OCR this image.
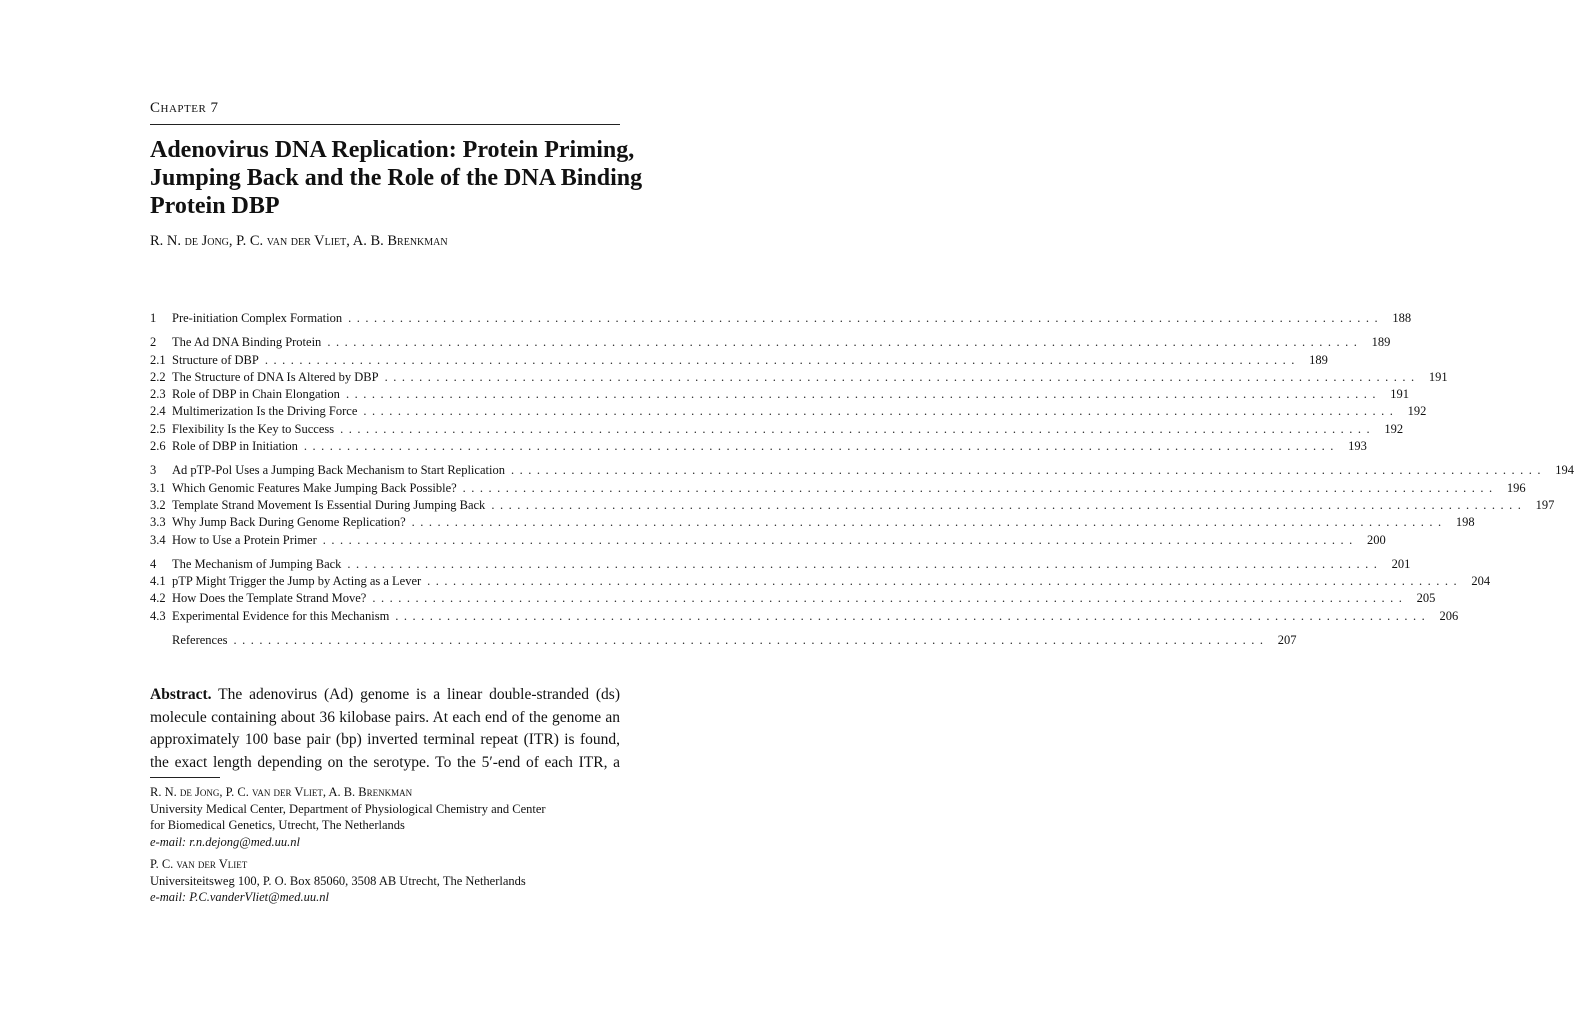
Chapter 7
Adenovirus DNA Replication: Protein Priming,
Jumping Back and the Role of the DNA Binding
Protein DBP
R. N. de Jong, P. C. van der Vliet, A. B. Brenkman
1	Pre-initiation Complex Formation ........................................................................................................................ 188
2	The Ad DNA Binding Protein ........................................................................................................................ 189
2.1 Structure of DBP ........................................................................................................................ 189
2.2 The Structure of DNA Is Altered by DBP ........................................................................................................................ 191
2.3 Role of DBP in Chain Elongation ........................................................................................................................ 191
2.4 Multimerization Is the Driving Force ........................................................................................................................ 192
2.5 Flexibility Is the Key to Success ........................................................................................................................ 192
2.6 Role of DBP in Initiation ........................................................................................................................ 193
3	Ad pTP-Pol Uses a Jumping Back Mechanism to Start Replication ........................................................................................................................ 194
3.1 Which Genomic Features Make Jumping Back Possible? ........................................................................................................................ 196
3.2 Template Strand Movement Is Essential During Jumping Back ........................................................................................................................ 197
3.3 Why Jump Back During Genome Replication? ........................................................................................................................ 198
3.4 How to Use a Protein Primer ........................................................................................................................ 200
4	The Mechanism of Jumping Back ........................................................................................................................ 201
4.1 pTP Might Trigger the Jump by Acting as a Lever ........................................................................................................................ 204
4.2 How Does the Template Strand Move? ........................................................................................................................ 205
4.3 Experimental Evidence for this Mechanism ........................................................................................................................ 206
References ........................................................................................................................ 207
Abstract. The adenovirus (Ad) genome is a linear double-stranded (ds)
molecule containing about 36 kilobase pairs. At each end of the genome an
approximately 100 base pair (bp) inverted terminal repeat (ITR) is found,
the exact length depending on the serotype. To the 5′-end of each ITR, a
R. N. de Jong, P. C. van der Vliet, A. B. Brenkman
University Medical Center, Department of Physiological Chemistry and Center
for Biomedical Genetics, Utrecht, The Netherlands
e-mail: r.n.dejong@med.uu.nl
P. C. van der Vliet
Universiteitsweg 100, P. O. Box 85060, 3508 AB Utrecht, The Netherlands
e-mail: P.C.vanderVliet@med.uu.nl
